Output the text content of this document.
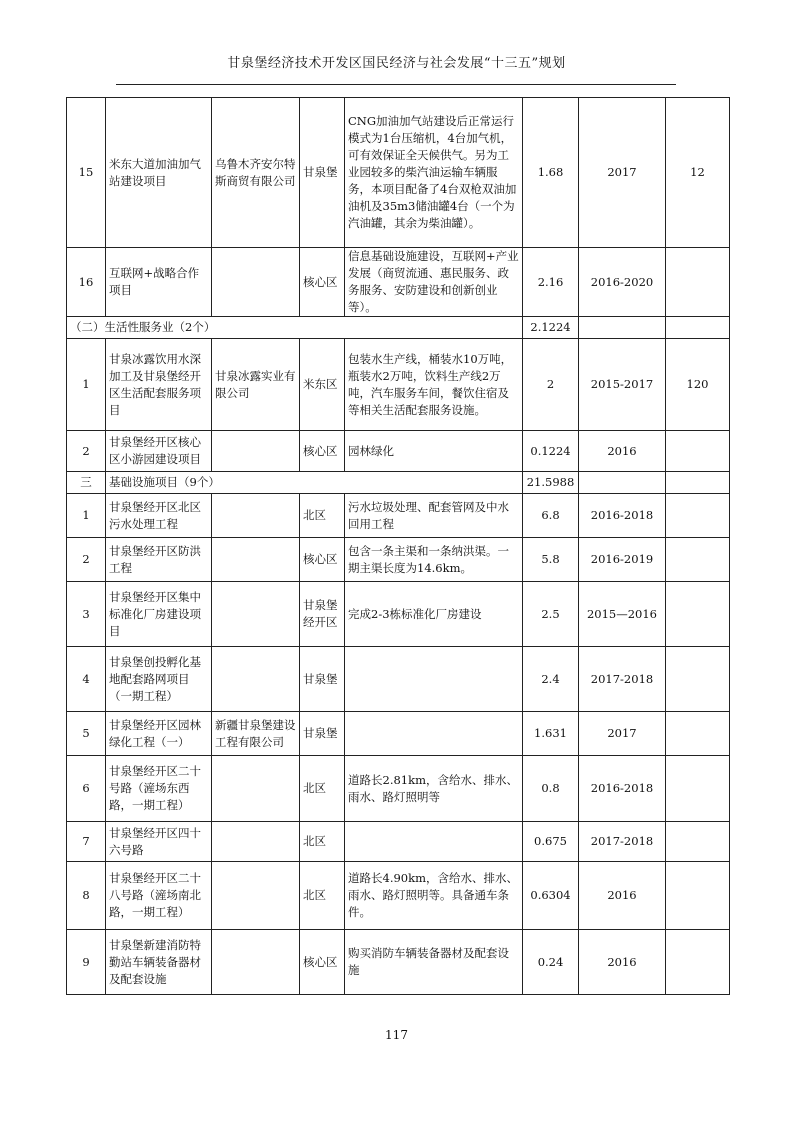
甘泉堡经济技术开发区国民经济与社会发展“十三五”规划
15	米东大道加油加气站建设项目	乌鲁木齐安尔特斯商贸有限公司	甘泉堡	CNG加油加气站建设后正常运行模式为1台压缩机，4台加气机，可有效保证全天候供气。另为工业园较多的柴汽油运输车辆服务，本项目配备了4台双枪双油加油机及35m3储油罐4台（一个为汽油罐，其余为柴油罐）。	1.68	2017	12
16	互联网+战略合作项目		核心区	信息基础设施建设，互联网+产业发展（商贸流通、惠民服务、政务服务、安防建设和创新创业等）。	2.16	2016-2020	
（二）生活性服务业（2个）					2.1224		
1	甘泉冰露饮用水深加工及甘泉堡经开区生活配套服务项目	甘泉冰露实业有限公司	米东区	包装水生产线，桶装水10万吨，瓶装水2万吨，饮料生产线2万吨，汽车服务车间，餐饮住宿及等相关生活配套服务设施。	2	2015-2017	120
2	甘泉堡经开区核心区小游园建设项目		核心区	园林绿化	0.1224	2016	
三	基础设施项目（9个）				21.5988		
1	甘泉堡经开区北区污水处理工程		北区	污水垃圾处理、配套管网及中水回用工程	6.8	2016-2018	
2	甘泉堡经开区防洪工程		核心区	包含一条主渠和一条纳洪渠。一期主渠长度为14.6km。	5.8	2016-2019	
3	甘泉堡经开区集中标准化厂房建设项目		甘泉堡经开区	完成2-3栋标准化厂房建设	2.5	2015—2016	
4	甘泉堡创投孵化基地配套路网项目（一期工程）		甘泉堡		2.4	2017-2018	
5	甘泉堡经开区园林绿化工程（一）	新疆甘泉堡建设工程有限公司	甘泉堡		1.631	2017	
6	甘泉堡经开区二十号路（滻场东西路，一期工程）		北区	道路长2.81km，含给水、排水、雨水、路灯照明等	0.8	2016-2018	
7	甘泉堡经开区四十六号路		北区		0.675	2017-2018	
8	甘泉堡经开区二十八号路（滻场南北路，一期工程）		北区	道路长4.90km，含给水、排水、雨水、路灯照明等。具备通车条件。	0.6304	2016	
9	甘泉堡新建消防特勤站车辆装备器材及配套设施		核心区	购买消防车辆装备器材及配套设施	0.24	2016	
117
